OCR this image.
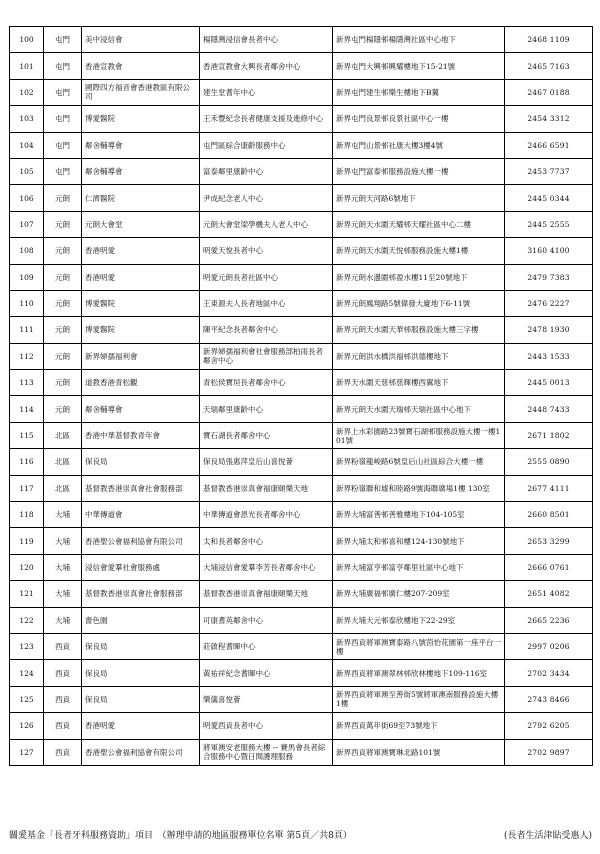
100	屯門	美中浸信會	楊隱灣浸信會長者中心	新界屯門楊隱邨楊隱灣社區中心地下	2468 1109
101	屯門	香港宣教會	香港宣教會大興長者鄰舍中心	新界屯門大興邨興耀樓地下15-21號	2465 7163
102	屯門	國際四方福音會香港教區有限公司	建生堂耆年中心	新界屯門建生邨樂生樓地下B翼	2467 0188
103	屯門	博愛醫院	王禾豐紀念長者健康支援及進修中心	新界屯門良景邨良景社區中心一樓	2454 3312
104	屯門	鄰舍輔導會	屯門區綜合康齡服務中心	新界屯門山景邨社康大樓3樓4號	2466 6591
105	屯門	鄰舍輔導會	富泰鄰里康齡中心	新界屯門富泰邨服務設施大樓一樓	2453 7737
106	元朗	仁濟醫院	尹成紀念老人中心	新界元朗天河路6號地下	2445 0344
107	元朗	元朗大會堂	元朗大會堂梁學機夫人老人中心	新界元朗天水圍天耀邨天耀社區中心二樓	2445 2555
108	元朗	香港明愛	明愛天悅長者中心	新界元朗天水圍天悅邨服務設施大樓1樓	3160 4100
109	元朗	香港明愛	明愛元朗長者社區中心	新界元朗水邊圍邨盈水樓11至20號地下	2479 7383
110	元朗	博愛醫院	王東源夫人長者地區中心	新界元朗鳳翔路5號偉發大廈地下6-11號	2476 2227
111	元朗	博愛醫院	陳平紀念長者鄰舍中心	新界元朗天水圍天華邨服務設施大樓三字樓	2478 1930
112	元朗	新界婦孺福利會	新界婦孺福利會社會服務部柏雨長者鄰舍中心	新界元朗洪水橋洪福邨洪德樓地下	2443 1533
113	元朗	道教香港青松觀	青松侯寶垣長者鄰舍中心	新界天水圍天慈邨慈輝樓西翼地下	2445 0013
114	元朗	鄰舍輔導會	天瑞鄰里康齡中心	新界元朗天水圍天瑞邨天瑞社區中心地下	2448 7433
115	北區	香港中華基督教青年會	寶石湖長者鄰舍中心	新界上水彩園路23號寶石湖邨服務設施大樓一樓101號	2671 1802
116	北區	保良局	保良局張惠萍皇后山喜悅薈	新界粉嶺龍峻路6號皇后山社區綜合大樓一樓	2555 0890
117	北區	基督教香港崇真會社會服務部	基督教香港崇真會福康頤樂天地	新界粉嶺聯和墟和睦路9號海聯廣場1樓 130室	2677 4111
118	大埔	中華傳道會	中華傳道會恩光長者鄰舍中心	新界大埔富善邨善雅樓地下104-105室	2660 8501
119	大埔	香港聖公會福利協會有限公司	太和長者鄰舍中心	新界大埔太和邨喜和樓124-130號地下	2653 3299
120	大埔	浸信會愛羣社會服務處	大埔浸信會愛羣李芳長者鄰舍中心	新界大埔富亨邨富亨鄰里社區中心地下	2666 0761
121	大埔	基督教香港崇真會社會服務部	基督教香港崇真會福康頤樂天地	新界大埔廣福邨廣仁樓207-209室	2651 4082
122	大埔	嗇色園	可康耆英鄰舍中心	新界大埔大元邨泰欣樓地下22-29室	2665 2236
123	西貢	保良局	莊啟程耆暉中心	新界西貢將軍澳寶泰路八號茵怡花園第一座平台一樓	2997 0206
124	西貢	保良局	黃祐祥紀念耆暉中心	新界西貢將軍澳翠林邨欣林樓地下109-116室	2702 3434
125	西貢	保良局	樂儀喜悅薈	新界西貢將軍澳至善街5號將軍澳南服務設施大樓1樓	2743 8466
126	西貢	香港明愛	明愛西貢長者中心	新界西貢萬年街69至73號地下	2792 6205
127	西貢	香港聖公會福利協會有限公司	將軍澳安老服務大樓 -- 賽馬會長者綜合服務中心暨日間護理服務	新界西貢將軍澳寶琳北路101號	2702 9897
關愛基金「長者牙科服務資助」項目　（辦理申請的地區服務單位名單 第5頁／共8頁）	(長者生活津貼受惠人)
